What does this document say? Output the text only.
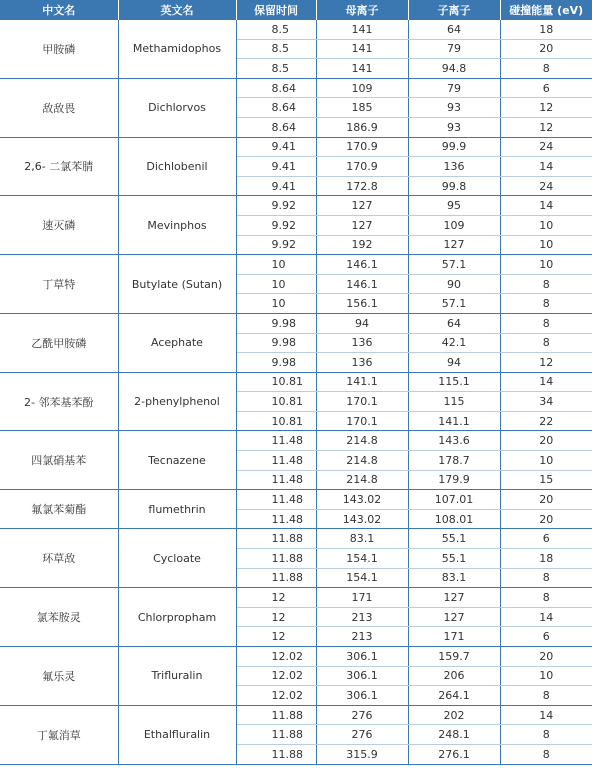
中文名	英文名	保留时间	母离子	子离子	碰撞能量 (eV)
甲胺磷	Methamidophos	8.5	141	64	18
		8.5	141	79	20
		8.5	141	94.8	8
敌敌畏	Dichlorvos	8.64	109	79	6
		8.64	185	93	12
		8.64	186.9	93	12
2,6- 二氯苯腈	Dichlobenil	9.41	170.9	99.9	24
		9.41	170.9	136	14
		9.41	172.8	99.8	24
速灭磷	Mevinphos	9.92	127	95	14
		9.92	127	109	10
		9.92	192	127	10
丁草特	Butylate (Sutan)	10	146.1	57.1	10
		10	146.1	90	8
		10	156.1	57.1	8
乙酰甲胺磷	Acephate	9.98	94	64	8
		9.98	136	42.1	8
		9.98	136	94	12
2- 邻苯基苯酚	2-phenylphenol	10.81	141.1	115.1	14
		10.81	170.1	115	34
		10.81	170.1	141.1	22
四氯硝基苯	Tecnazene	11.48	214.8	143.6	20
		11.48	214.8	178.7	10
		11.48	214.8	179.9	15
氟氯苯菊酯	flumethrin	11.48	143.02	107.01	20
		11.48	143.02	108.01	20
环草敌	Cycloate	11.88	83.1	55.1	6
		11.88	154.1	55.1	18
		11.88	154.1	83.1	8
氯苯胺灵	Chlorpropham	12	171	127	8
		12	213	127	14
		12	213	171	6
氟乐灵	Trifluralin	12.02	306.1	159.7	20
		12.02	306.1	206	10
		12.02	306.1	264.1	8
丁氟消草	Ethalfluralin	11.88	276	202	14
		11.88	276	248.1	8
		11.88	315.9	276.1	8
